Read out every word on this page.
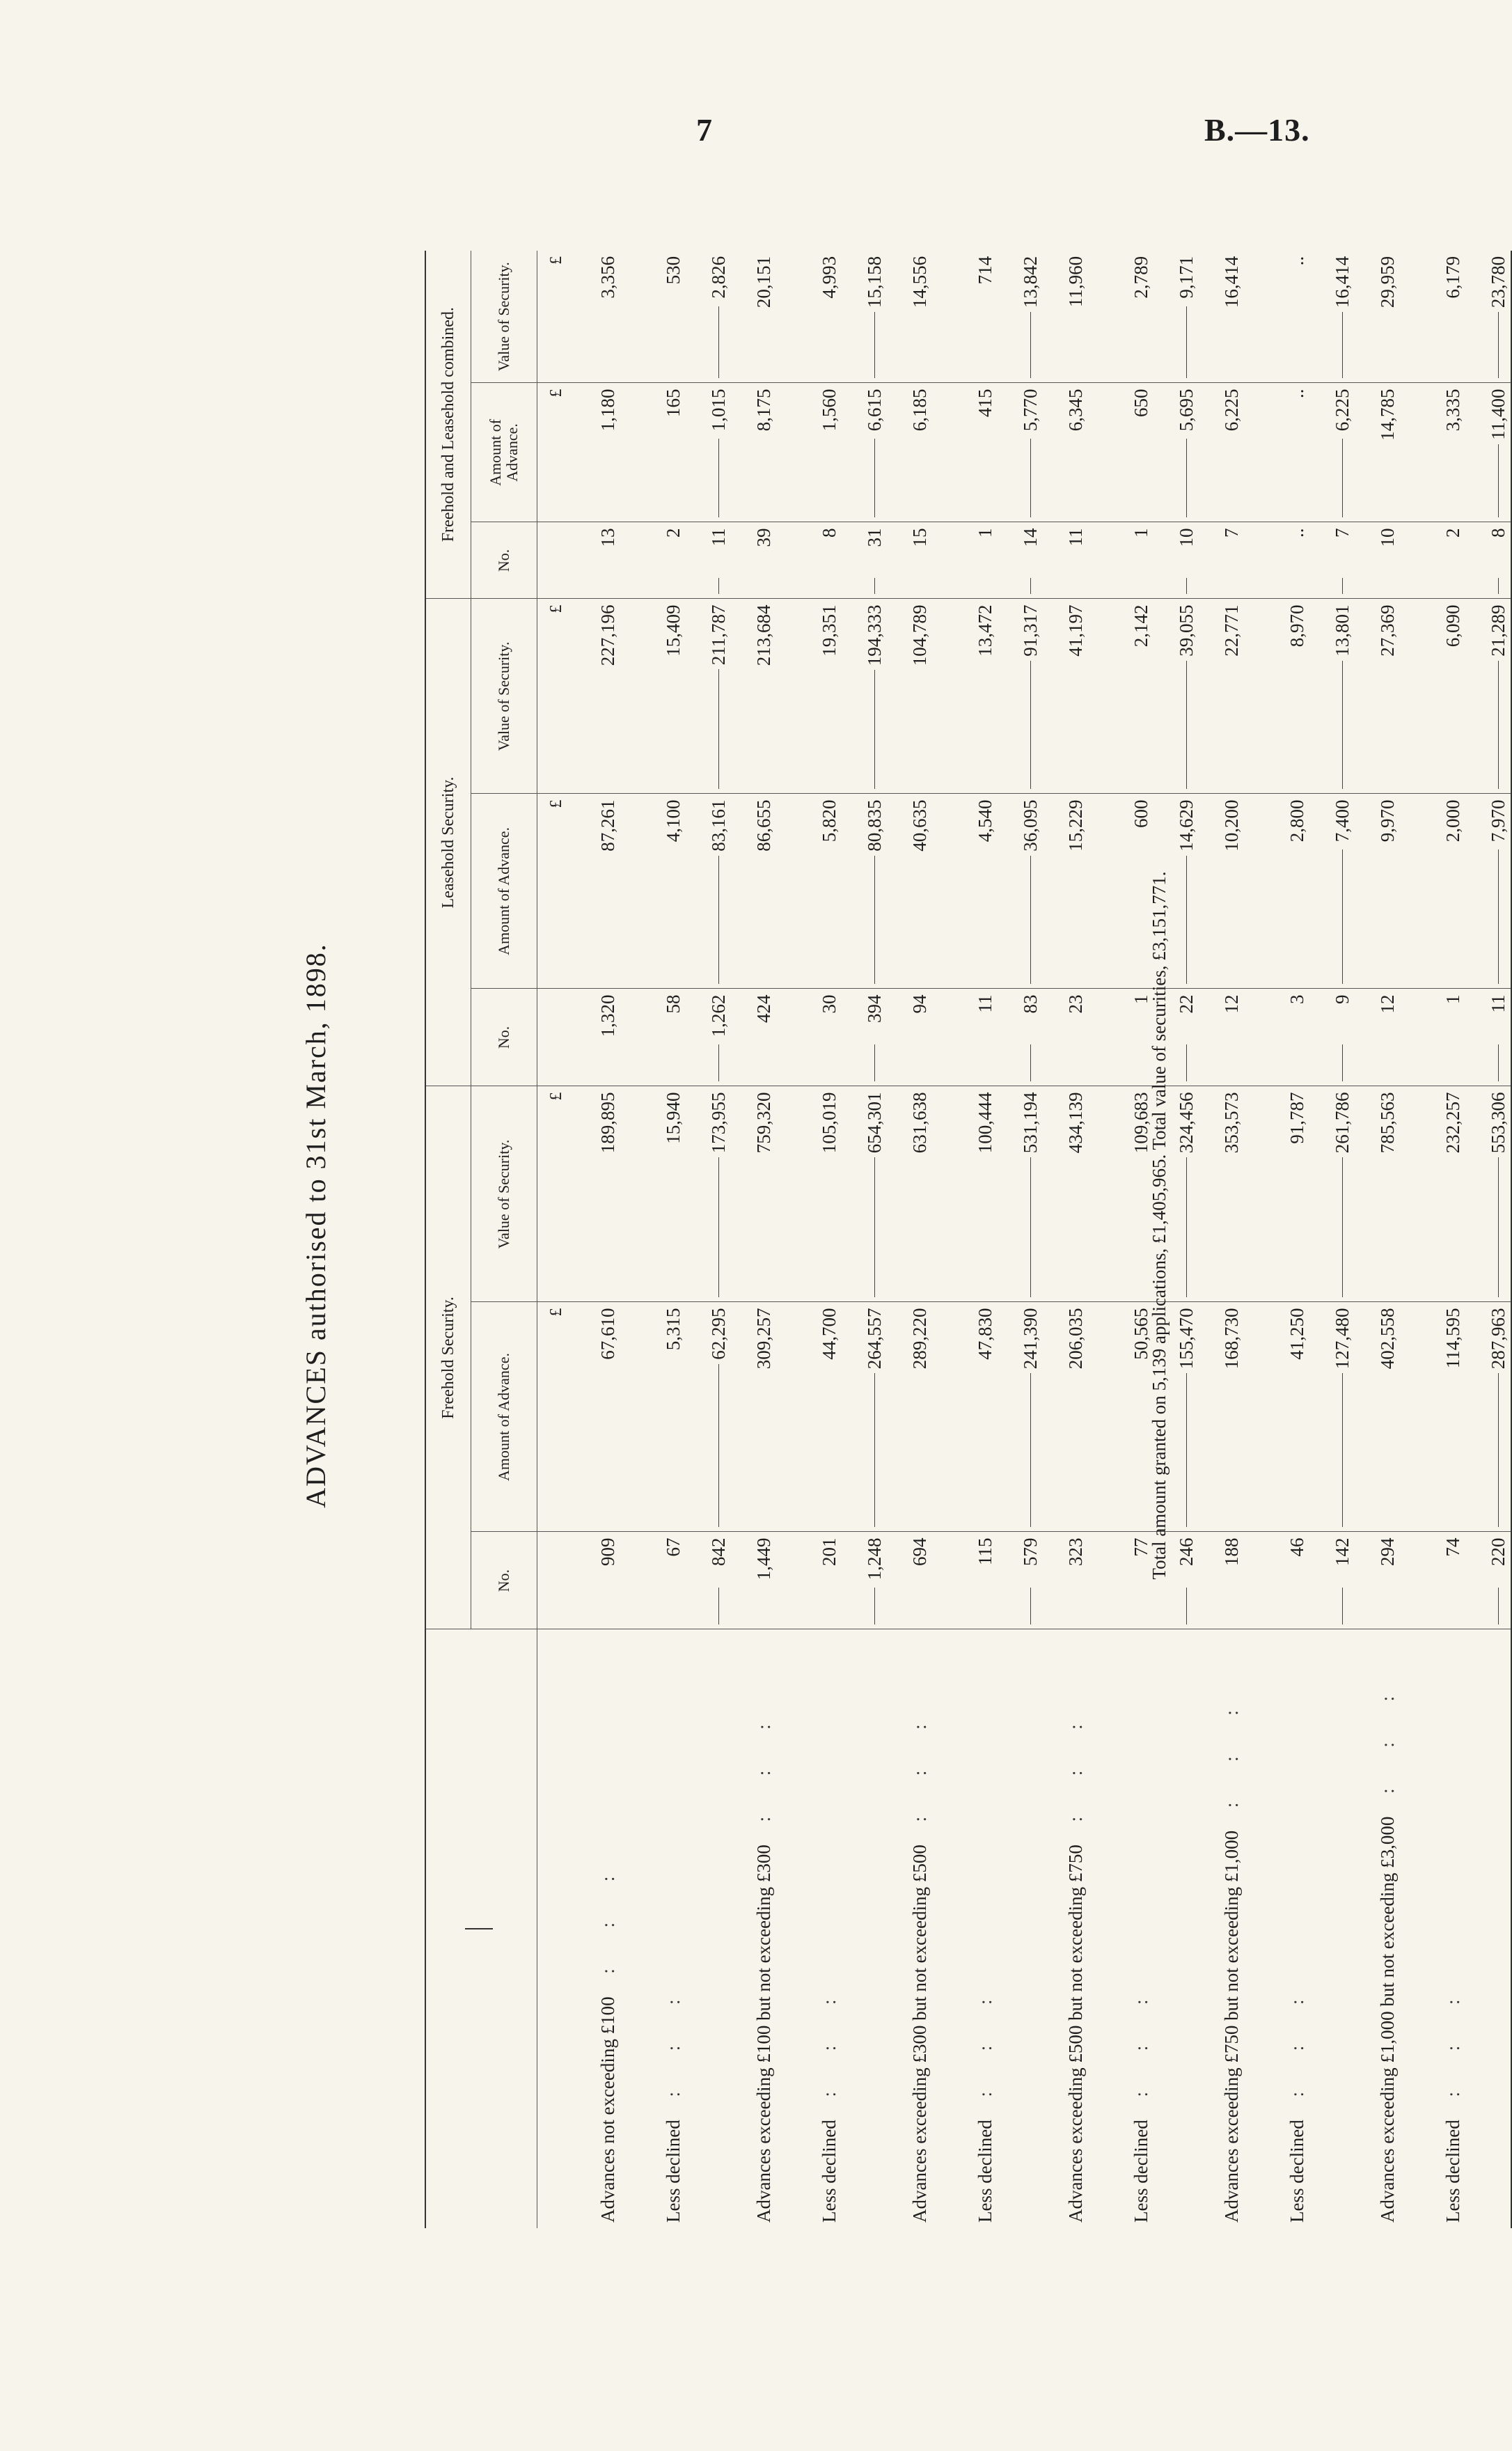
7	B.—13.
ADVANCES authorised to 31st March, 1898.
		Freehold Security.			Leasehold Security.			Freehold and Leasehold combined.		
	No.	Amount of Advance.	Value of Security.	No.	Amount of Advance.	Value of Security.	No.	Amount of Advance.	Value of Security.
		£	£		£	£		£	£
Advances not exceeding £100 : : :	909	67,610	189,895	1,320	87,261	227,196	13	1,180	3,356
Less declined : : :	67	5,315	15,940	58	4,100	15,409	2	165	530

842	62,295	173,955	1,262	83,161	211,787	11	1,015	2,826
Advances exceeding £100 but not exceeding £300 : : :	1,449	309,257	759,320	424	86,655	213,684	39	8,175	20,151
Less declined : : :	201	44,700	105,019	30	5,820	19,351	8	1,560	4,993

1,248	264,557	654,301	394	80,835	194,333	31	6,615	15,158
Advances exceeding £300 but not exceeding £500 : : :	694	289,220	631,638	94	40,635	104,789	15	6,185	14,556
Less declined : : :	115	47,830	100,444	11	4,540	13,472	1	415	714

579	241,390	531,194	83	36,095	91,317	14	5,770	13,842
Advances exceeding £500 but not exceeding £750 : : :	323	206,035	434,139	23	15,229	41,197	11	6,345	11,960
Less declined : : :	77	50,565	109,683	1	600	2,142	1	650	2,789

246	155,470	324,456	22	14,629	39,055	10	5,695	9,171
Advances exceeding £750 but not exceeding £1,000 : : :	188	168,730	353,573	12	10,200	22,771	7	6,225	16,414
Less declined : : :	46	41,250	91,787	3	2,800	8,970	..	..	..

142	127,480	261,786	9	7,400	13,801	7	6,225	16,414
Advances exceeding £1,000 but not exceeding £3,000 : : :	294	402,558	785,563	12	9,970	27,369	10	14,785	29,959
Less declined : : :	74	114,595	232,257	1	2,000	6,090	2	3,335	6,179

220	287,963	553,306	11	7,970	21,289	8	11,400	23,780
Total amount granted on 5,139 applications, £1,405,965. Total value of securities, £3,151,771.
